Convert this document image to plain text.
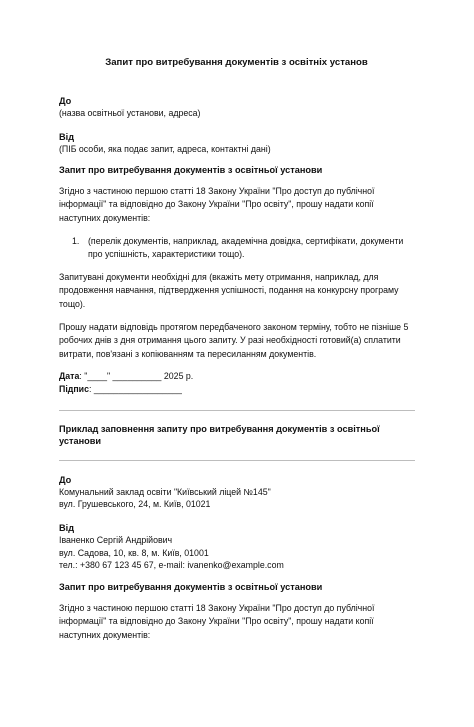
Запит про витребування документів з освітніх установ
До
(назва освітньої установи, адреса)
Від
(ПІБ особи, яка подає запит, адреса, контактні дані)
Запит про витребування документів з освітньої установи
Згідно з частиною першою статті 18 Закону України "Про доступ до публічної інформації" та відповідно до Закону України "Про освіту", прошу надати копії наступних документів:
1. (перелік документів, наприклад, академічна довідка, сертифікати, документи про успішність, характеристики тощо).
Запитувані документи необхідні для (вкажіть мету отримання, наприклад, для продовження навчання, підтвердження успішності, подання на конкурсну програму тощо).
Прошу надати відповідь протягом передбаченого законом терміну, тобто не пізніше 5 робочих днів з дня отримання цього запиту. У разі необхідності готовий(а) сплатити витрати, пов'язані з копіюванням та пересиланням документів.
Дата: "____" __________ 2025 р.
Підпис: __________________
Приклад заповнення запиту про витребування документів з освітньої установи
До
Комунальний заклад освіти "Київський ліцей №145"
вул. Грушевського, 24, м. Київ, 01021
Від
Іваненко Сергій Андрійович
вул. Садова, 10, кв. 8, м. Київ, 01001
тел.: +380 67 123 45 67, e-mail: ivanenko@example.com
Запит про витребування документів з освітньої установи
Згідно з частиною першою статті 18 Закону України "Про доступ до публічної інформації" та відповідно до Закону України "Про освіту", прошу надати копії наступних документів:
